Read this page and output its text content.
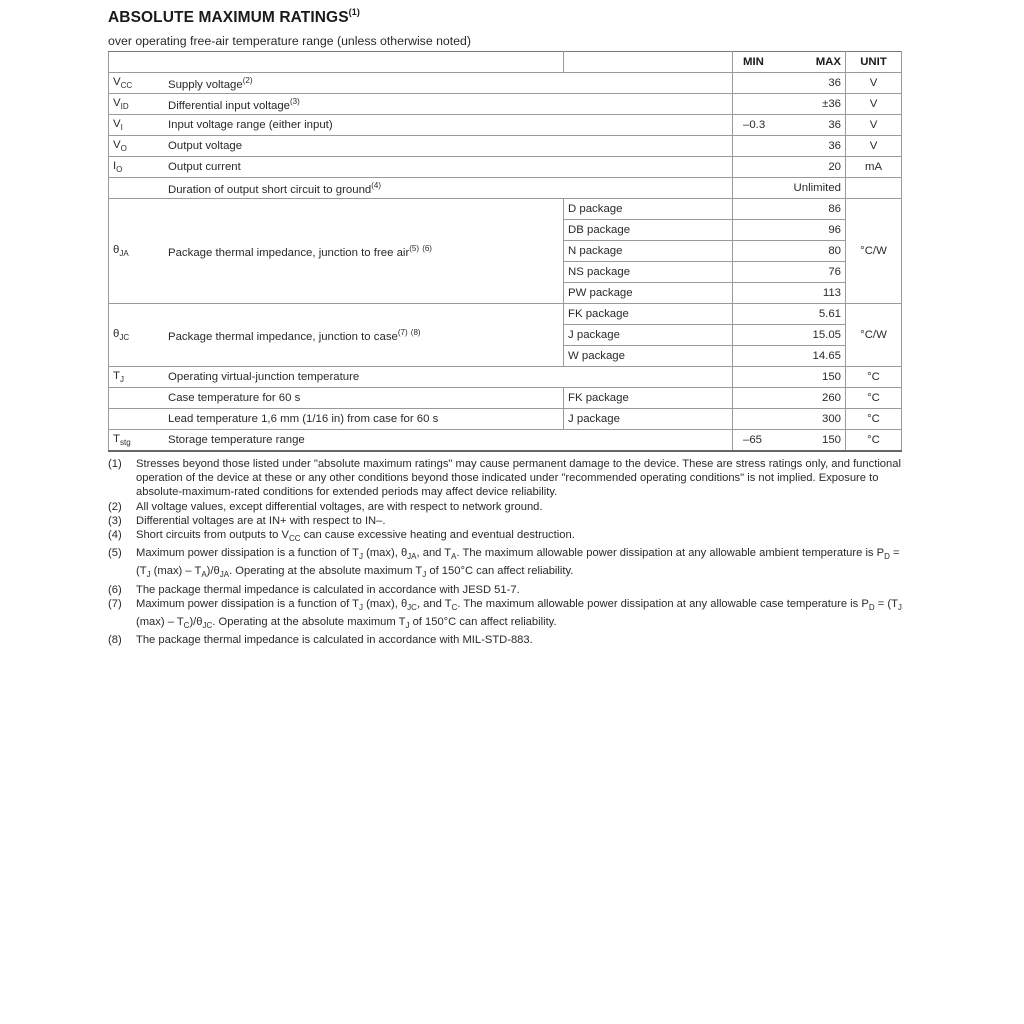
ABSOLUTE MAXIMUM RATINGS$^{(1)}$
over operating free-air temperature range (unless otherwise noted)

			MIN MAX	UNIT
$V_{CC}$	Supply voltage$^{(2)}$		36	V
$V_{ID}$	Differential input voltage$^{(3)}$		±36	V
$V_I$	Input voltage range (either input)		–0.3 36	V
$V_O$	Output voltage		36	V
$I_O$	Output current		20	mA
	Duration of output short circuit to ground$^{(4)}$		Unlimited	
$\theta_{JA}$	Package thermal impedance, junction to free air$^{(5)}$ $^{(6)}$	D package	86	°C/W
		DB package	96	
		N package	80	
		NS package	76	
		PW package	113	
$\theta_{JC}$	Package thermal impedance, junction to case$^{(7)}$ $^{(8)}$	FK package	5.61	°C/W
		J package	15.05	
		W package	14.65	
$T_J$	Operating virtual-junction temperature		150	°C
	Case temperature for 60 s	FK package	260	°C
	Lead temperature 1,6 mm (1/16 in) from case for 60 s	J package	300	°C
$T_{stg}$	Storage temperature range		–65 150	°C
(1)	Stresses beyond those listed under "absolute maximum ratings" may cause permanent damage to the device. These are stress ratings only, and functional operation of the device at these or any other conditions beyond those indicated under "recommended operating conditions" is not implied. Exposure to absolute-maximum-rated conditions for extended periods may affect device reliability.
(2)	All voltage values, except differential voltages, are with respect to network ground.
(3)	Differential voltages are at IN+ with respect to IN–.
(4)	Short circuits from outputs to $V_{CC}$ can cause excessive heating and eventual destruction.
(5)	Maximum power dissipation is a function of $T_J$ (max), $\theta_{JA}$, and $T_A$. The maximum allowable power dissipation at any allowable ambient temperature is $P_D = (T_J$ $(\max) - T_A)/\theta_{JA}$. Operating at the absolute maximum $T_J$ of 150°C can affect reliability.
(6)	The package thermal impedance is calculated in accordance with JESD 51-7.
(7)	Maximum power dissipation is a function of $T_J$ (max), $\theta_{JC}$, and $T_C$. The maximum allowable power dissipation at any allowable case temperature is $P_D = (T_J$ $(\max) - T_C)/\theta_{JC}$. Operating at the absolute maximum $T_J$ of 150°C can affect reliability.
(8)	The package thermal impedance is calculated in accordance with MIL-STD-883.
